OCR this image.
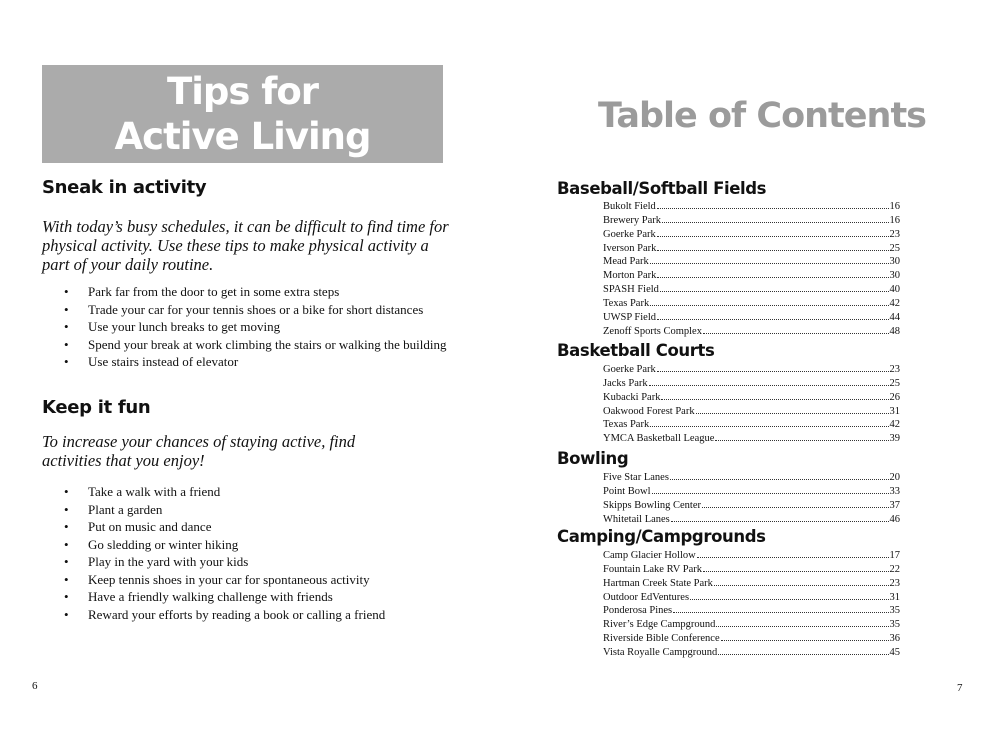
Tips for
Active Living
Sneak in activity
With today’s busy schedules, it can be difficult to find time for physical activity. Use these tips to make physical activity a part of your daily routine.
• Park far from the door to get in some extra steps
• Trade your car for your tennis shoes or a bike for short distances
• Use your lunch breaks to get moving
• Spend your break at work climbing the stairs or walking the building
• Use stairs instead of elevator
Keep it fun
To increase your chances of staying active, find activities that you enjoy!
• Take a walk with a friend
• Plant a garden
• Put on music and dance
• Go sledding or winter hiking
• Play in the yard with your kids
• Keep tennis shoes in your car for spontaneous activity
• Have a friendly walking challenge with friends
• Reward your efforts by reading a book or calling a friend
6
Table of Contents
Baseball/Softball Fields
Bukolt Field	16
Brewery Park	16
Goerke Park	23
Iverson Park	25
Mead Park	30
Morton Park	30
SPASH Field	40
Texas Park	42
UWSP Field	44
Zenoff Sports Complex	48
Basketball Courts
Goerke Park	23
Jacks Park	25
Kubacki Park	26
Oakwood Forest Park	31
Texas Park	42
YMCA Basketball League	39
Bowling
Five Star Lanes	20
Point Bowl	33
Skipps Bowling Center	37
Whitetail Lanes	46
Camping/Campgrounds
Camp Glacier Hollow	17
Fountain Lake RV Park	22
Hartman Creek State Park	23
Outdoor EdVentures	31
Ponderosa Pines	35
River’s Edge Campground	35
Riverside Bible Conference	36
Vista Royalle Campground	45
7
